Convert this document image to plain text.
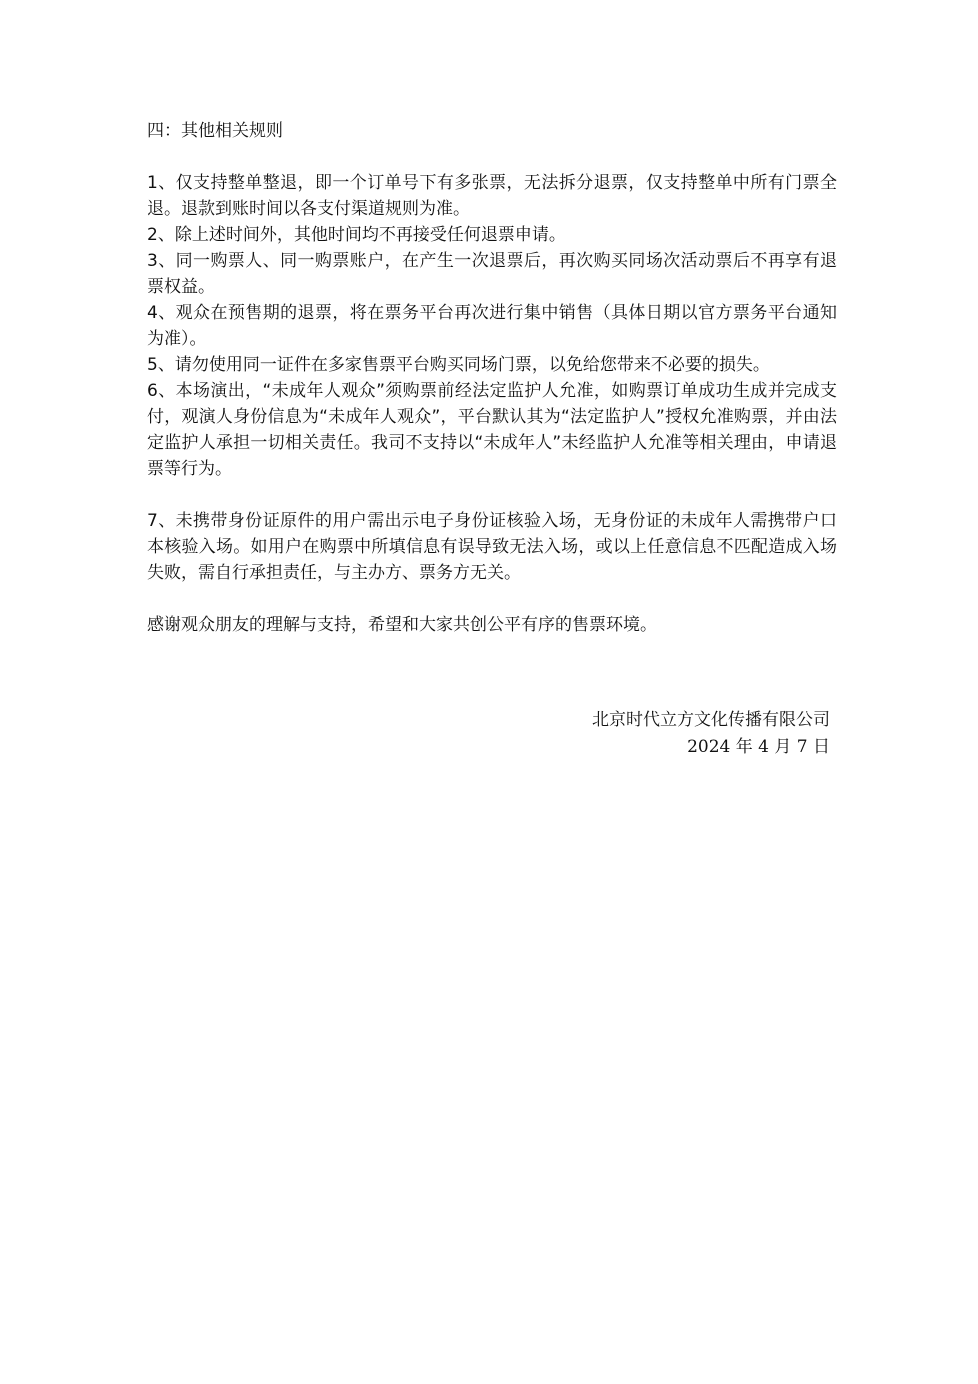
四：其他相关规则

1、仅支持整单整退，即一个订单号下有多张票，无法拆分退票，仅支持整单中所有门票全退。退款到账时间以各支付渠道规则为准。

2、除上述时间外，其他时间均不再接受任何退票申请。

3、同一购票人、同一购票账户，在产生一次退票后，再次购买同场次活动票后不再享有退票权益。

4、观众在预售期的退票，将在票务平台再次进行集中销售（具体日期以官方票务平台通知为准）。

5、请勿使用同一证件在多家售票平台购买同场门票，以免给您带来不必要的损失。

6、本场演出，“未成年人观众”须购票前经法定监护人允准，如购票订单成功生成并完成支付，观演人身份信息为“未成年人观众”，平台默认其为“法定监护人”授权允准购票，并由法定监护人承担一切相关责任。我司不支持以“未成年人”未经监护人允准等相关理由，申请退票等行为。

7、未携带身份证原件的用户需出示电子身份证核验入场，无身份证的未成年人需携带户口本核验入场。如用户在购票中所填信息有误导致无法入场，或以上任意信息不匹配造成入场失败，需自行承担责任，与主办方、票务方无关。

感谢观众朋友的理解与支持，希望和大家共创公平有序的售票环境。

北京时代立方文化传播有限公司
2024 年 4 月 7 日
